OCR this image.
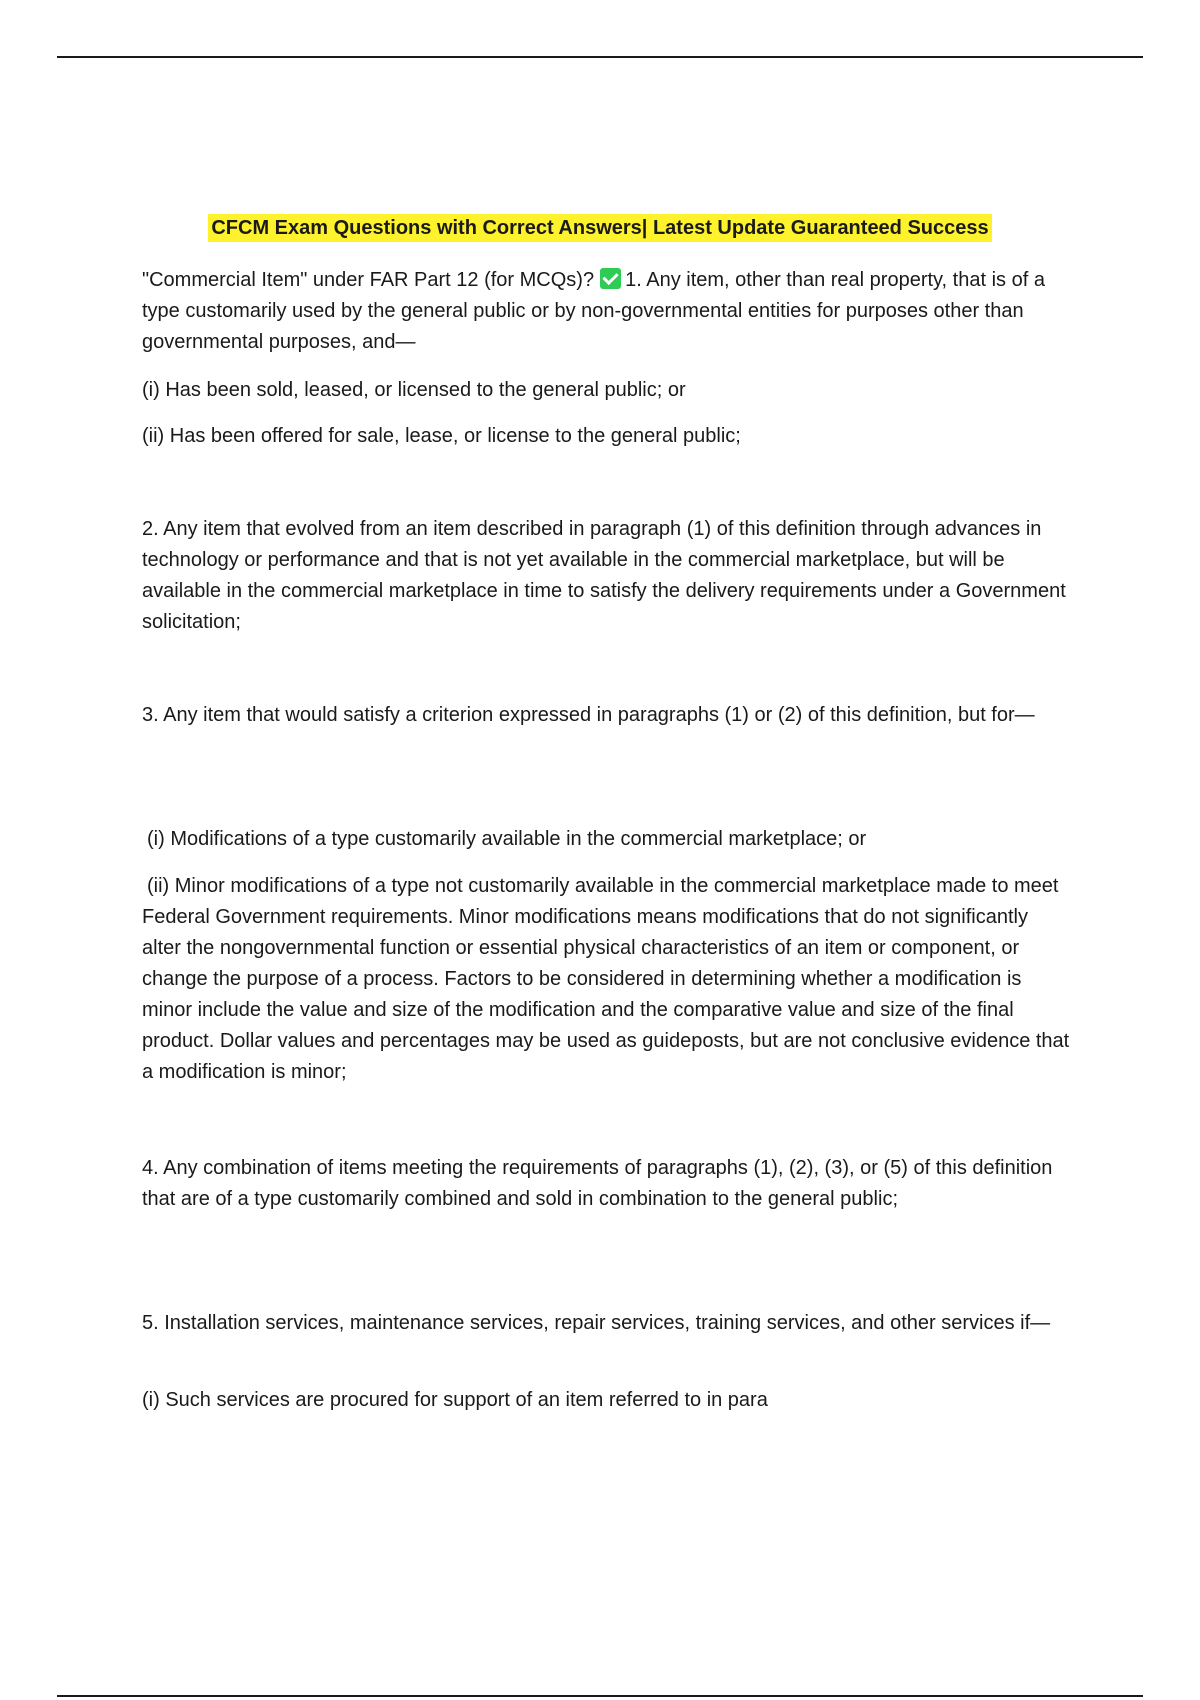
CFCM Exam Questions with Correct Answers| Latest Update Guaranteed Success

"Commercial Item" under FAR Part 12 (for MCQs)? 1. Any item, other than real property, that is of a type customarily used by the general public or by non-governmental entities for purposes other than governmental purposes, and—

(i) Has been sold, leased, or licensed to the general public; or

(ii) Has been offered for sale, lease, or license to the general public;

2. Any item that evolved from an item described in paragraph (1) of this definition through advances in technology or performance and that is not yet available in the commercial marketplace, but will be available in the commercial marketplace in time to satisfy the delivery requirements under a Government solicitation;

3. Any item that would satisfy a criterion expressed in paragraphs (1) or (2) of this definition, but for—

(i) Modifications of a type customarily available in the commercial marketplace; or

(ii) Minor modifications of a type not customarily available in the commercial marketplace made to meet Federal Government requirements. Minor modifications means modifications that do not significantly alter the nongovernmental function or essential physical characteristics of an item or component, or change the purpose of a process. Factors to be considered in determining whether a modification is minor include the value and size of the modification and the comparative value and size of the final product. Dollar values and percentages may be used as guideposts, but are not conclusive evidence that a modification is minor;

4. Any combination of items meeting the requirements of paragraphs (1), (2), (3), or (5) of this definition that are of a type customarily combined and sold in combination to the general public;

5. Installation services, maintenance services, repair services, training services, and other services if—

(i) Such services are procured for support of an item referred to in para
